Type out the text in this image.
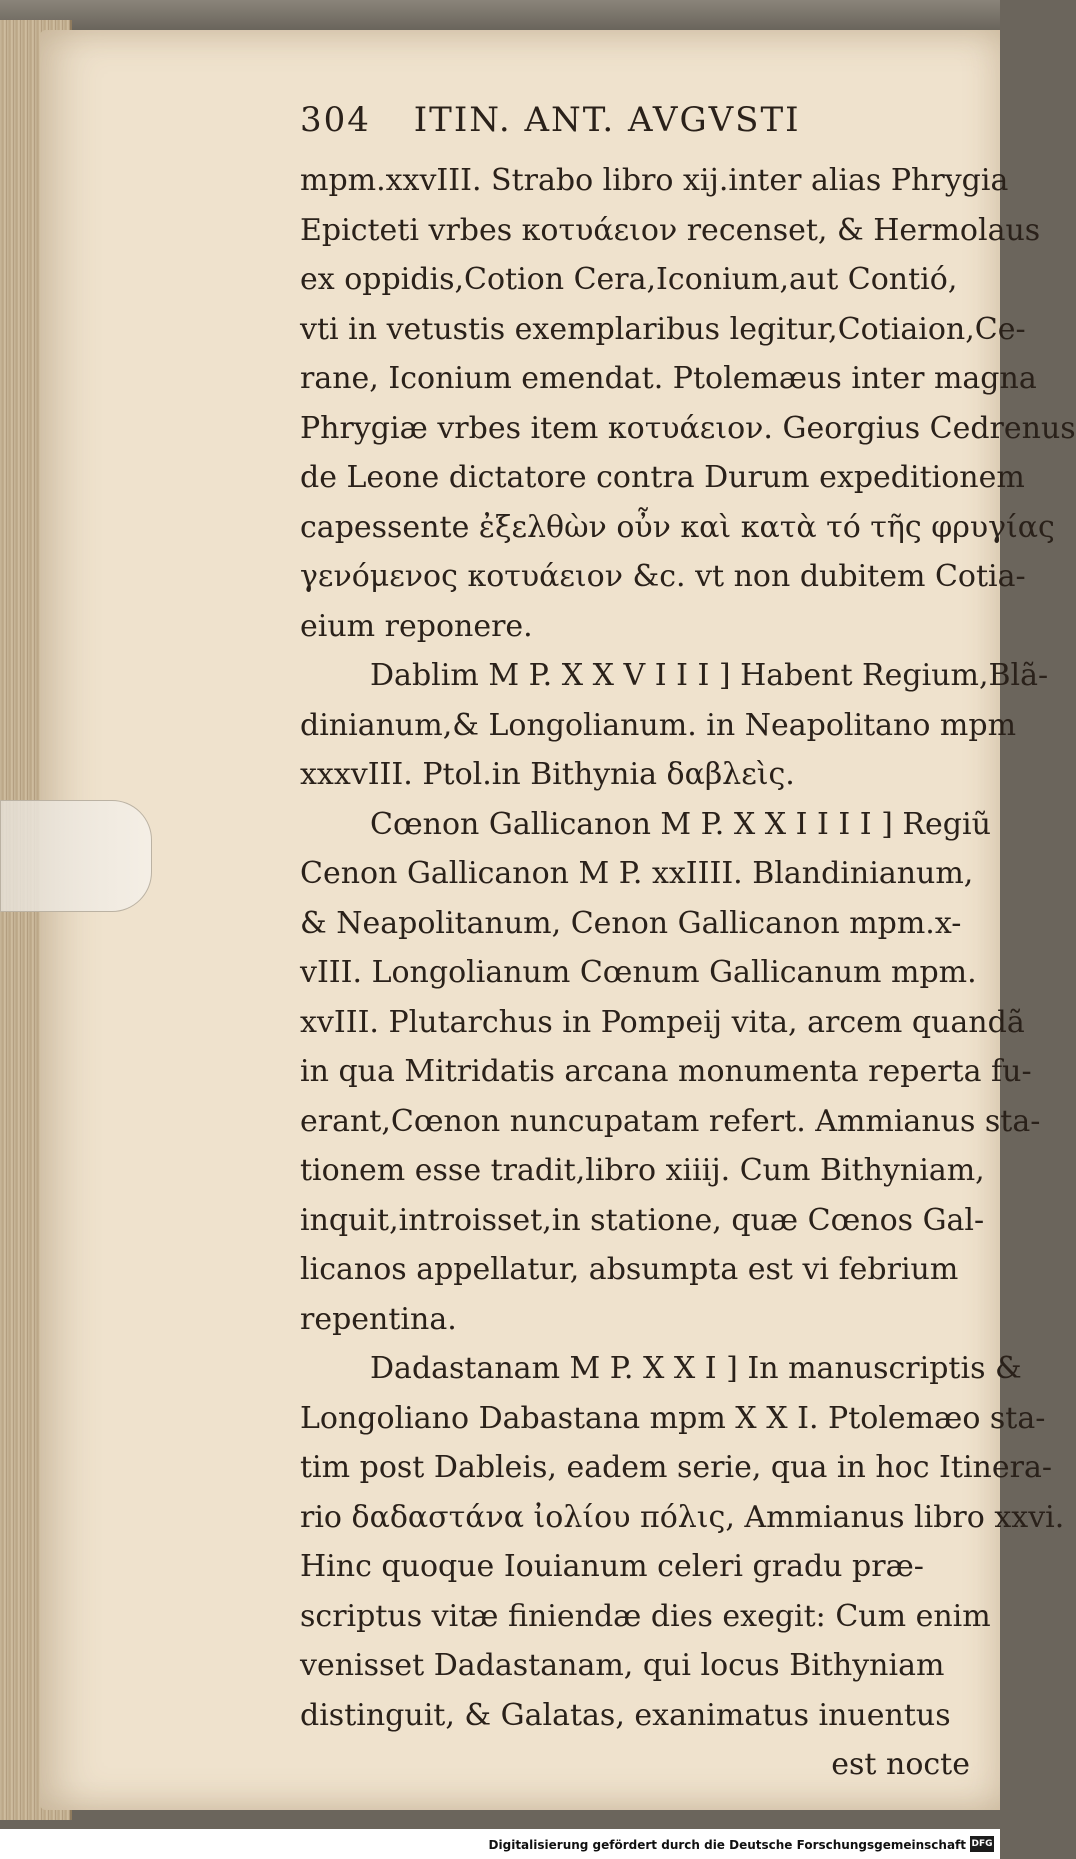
304 ITIN. ANT. AVGVSTI
mpm.xxvIII. Strabo libro xij.inter alias Phrygia
Epicteti vrbes κοτυάειον recenset, & Hermolaus
ex oppidis,Cotion Cera,Iconium,aut Contió,
vti in vetustis exemplaribus legitur,Cotiaion,Ce-
rane, Iconium emendat. Ptolemæus inter magna
Phrygiæ vrbes item κοτυάειον. Georgius Cedrenus
de Leone dictatore contra Durum expeditionem
capessente ἐξελθὼν οὖν καὶ κατὰ τό τῆς φρυγίας
γενόμενος κοτυάειον &c. vt non dubitem Cotia-
eium reponere.
Dablim M P. X X V I I I ] Habent Regium,Blã-
dinianum,& Longolianum. in Neapolitano mpm
xxxvIII. Ptol.in Bithynia δαβλεὶς.
Cœnon Gallicanon M P. X X I I I I ] Regiũ
Cenon Gallicanon M P. xxIIII. Blandinianum,
& Neapolitanum, Cenon Gallicanon mpm.x-
vIII. Longolianum Cœnum Gallicanum mpm.
xvIII. Plutarchus in Pompeij vita, arcem quandã
in qua Mitridatis arcana monumenta reperta fu-
erant,Cœnon nuncupatam refert. Ammianus sta-
tionem esse tradit,libro xiiij. Cum Bithyniam,
inquit,introisset,in statione, quæ Cœnos Gal-
licanos appellatur, absumpta est vi febrium
repentina.
Dadastanam M P. X X I ] In manuscriptis &
Longoliano Dabastana mpm X X I. Ptolemæo sta-
tim post Dableis, eadem serie, qua in hoc Itinera-
rio δαδαστάνα ἰολίου πόλις, Ammianus libro xxvi.
Hinc quoque Iouianum celeri gradu præ-
scriptus vitæ finiendæ dies exegit: Cum enim
venisset Dadastanam, qui locus Bithyniam
distinguit, & Galatas, exanimatus inuentus
est nocte
Digitalisierung gefördert durch die Deutsche Forschungsgemeinschaft DFG
